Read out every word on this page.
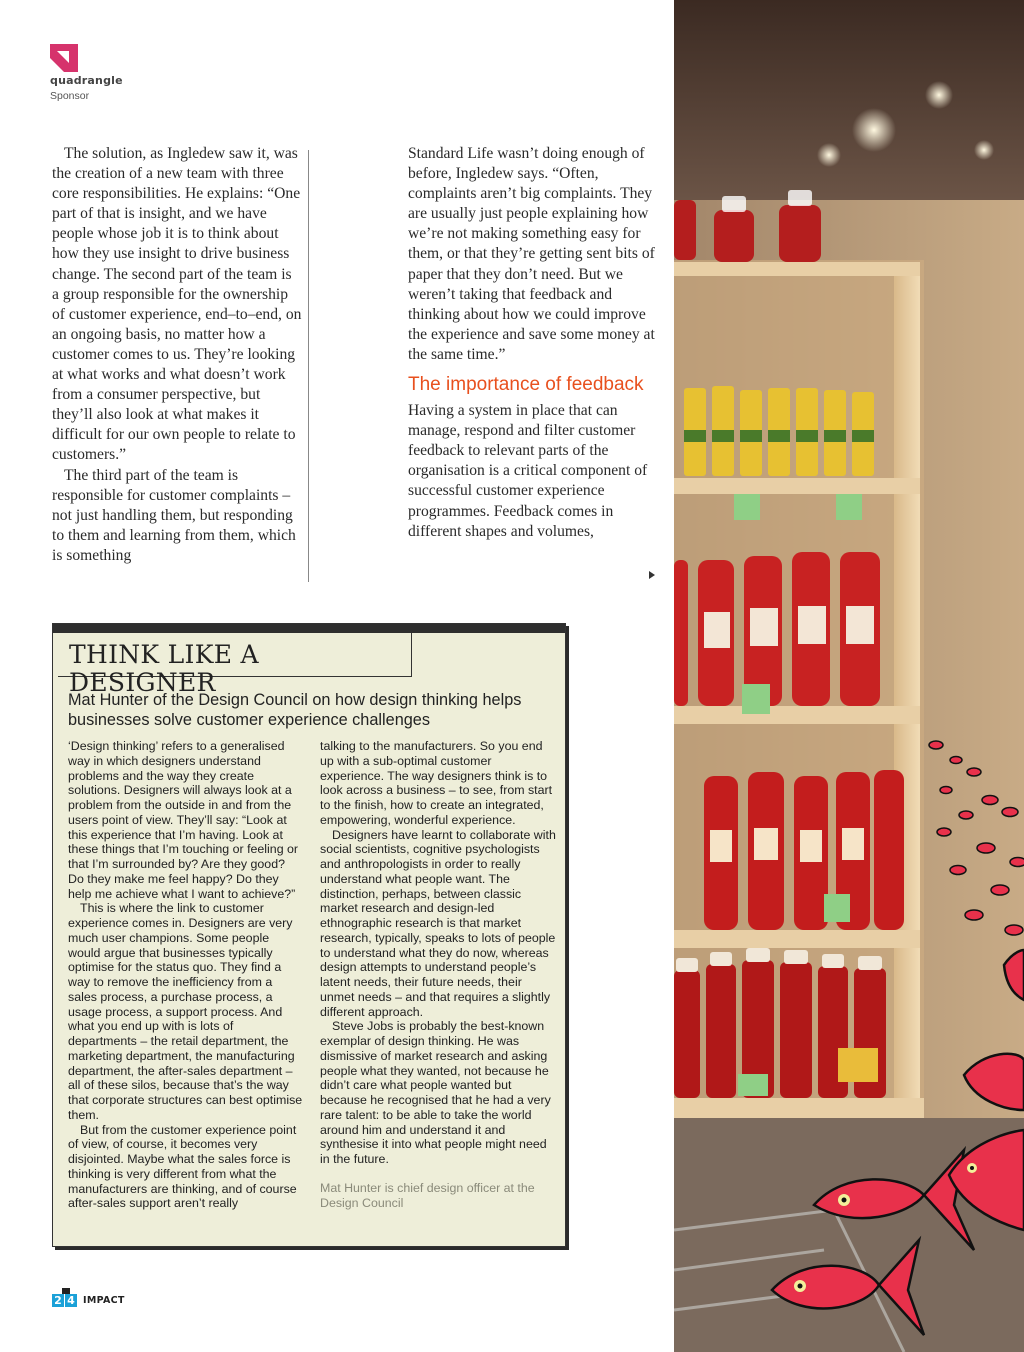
quadrangle
Sponsor

The solution, as Ingledew saw it, was the creation of a new team with three core responsibilities. He explains: “One part of that is insight, and we have people whose job it is to think about how they use insight to drive business change. The second part of the team is a group responsible for the ownership of customer experience, end–to–end, on an ongoing basis, no matter how a customer comes to us. They’re looking at what works and what doesn’t work from a consumer perspective, but they’ll also look at what makes it difficult for our own people to relate to customers.”

The third part of the team is responsible for customer complaints – not just handling them, but responding to them and learning from them, which is something

Standard Life wasn’t doing enough of before, Ingledew says. “Often, complaints aren’t big complaints. They are usually just people explaining how we’re not making something easy for them, or that they’re getting sent bits of paper that they don’t need. But we weren’t taking that feedback and thinking about how we could improve the experience and save some money at the same time.”

The importance of feedback

Having a system in place that can manage, respond and filter customer feedback to relevant parts of the organisation is a critical component of successful customer experience programmes. Feedback comes in different shapes and volumes,

THINK LIKE A DESIGNER
Mat Hunter of the Design Council on how design thinking helps businesses solve customer experience challenges

‘Design thinking’ refers to a generalised way in which designers understand problems and the way they create solutions. Designers will always look at a problem from the outside in and from the users point of view. They’ll say: “Look at this experience that I’m having. Look at these things that I’m touching or feeling or that I’m surrounded by? Are they good? Do they make me feel happy? Do they help me achieve what I want to achieve?”

This is where the link to customer experience comes in. Designers are very much user champions. Some people would argue that businesses typically optimise for the status quo. They find a way to remove the inefficiency from a sales process, a purchase process, a usage process, a support process. And what you end up with is lots of departments – the retail department, the marketing department, the manufacturing department, the after-sales department – all of these silos, because that’s the way that corporate structures can best optimise them.

But from the customer experience point of view, of course, it becomes very disjointed. Maybe what the sales force is thinking is very different from what the manufacturers are thinking, and of course after-sales support aren’t really

talking to the manufacturers. So you end up with a sub-optimal customer experience. The way designers think is to look across a business – to see, from start to the finish, how to create an integrated, empowering, wonderful experience.

Designers have learnt to collaborate with social scientists, cognitive psychologists and anthropologists in order to really understand what people want. The distinction, perhaps, between classic market research and design-led ethnographic research is that market research, typically, speaks to lots of people to understand what they do now, whereas design attempts to understand people’s latent needs, their future needs, their unmet needs – and that requires a slightly different approach.

Steve Jobs is probably the best-known exemplar of design thinking. He was dismissive of market research and asking people what they wanted, not because he didn’t care what people wanted but because he recognised that he had a very rare talent: to be able to take the world around him and understand it and synthesise it into what people might need in the future.

Mat Hunter is chief design officer at the Design Council
2 4 IMPACT
